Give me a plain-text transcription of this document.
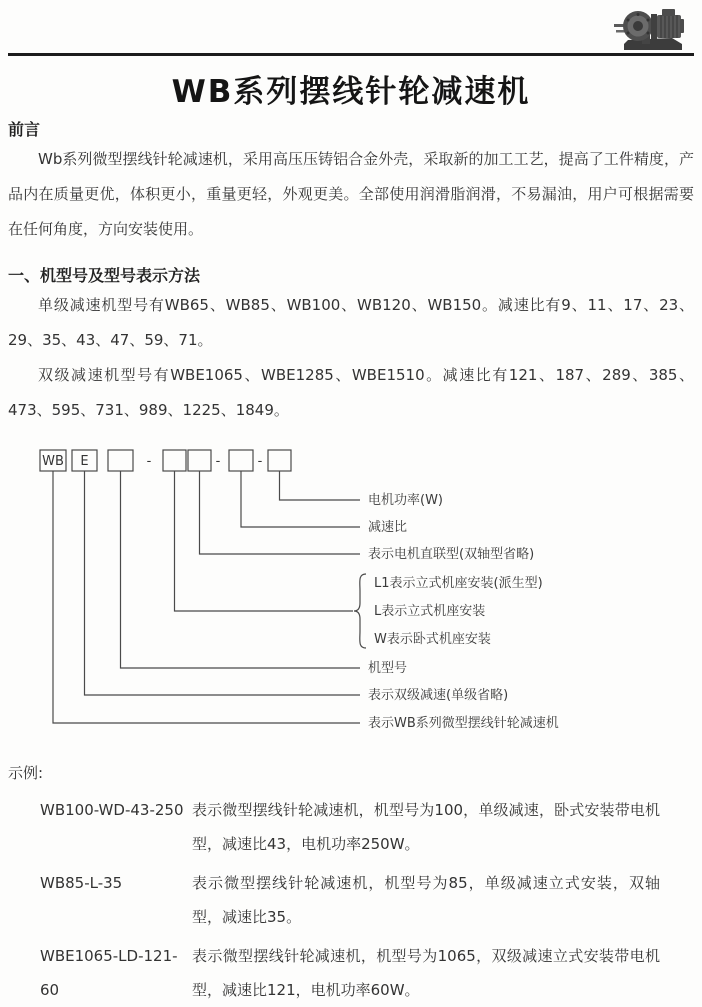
WB系列摆线针轮减速机
前言

Wb系列微型摆线针轮减速机，采用高压压铸铝合金外壳，采取新的加工工艺，提高了工件精度，产品内在质量更优，体积更小，重量更轻，外观更美。全部使用润滑脂润滑，不易漏油，用户可根据需要在任何角度，方向安装使用。

一、机型号及型号表示方法

单级减速机型号有WB65、WB85、WB100、WB120、WB150。减速比有9、11、17、23、29、35、43、47、59、71。

双级减速机型号有WBE1065、WBE1285、WBE1510。减速比有121、187、289、385、473、595、731、989、1225、1849。

WB E	-	-	-
电机功率(W)
减速比
表示电机直联型(双轴型省略)
L1表示立式机座安装(派生型)
L表示立式机座安装
W表示卧式机座安装
机型号
表示双级减速(单级省略)
表示WB系列微型摆线针轮减速机
示例:
WB100-WD-43-250 表示微型摆线针轮减速机，机型号为100，单级减速，卧式安装带电机型，减速比43，电机功率250W。
WB85-L-35	表示微型摆线针轮减速机，机型号为85，单级减速立式安装，双轴型，减速比35。
WBE1065-LD-121-60
表示微型摆线针轮减速机，机型号为1065，双级减速立式安装带电机型，减速比121，电机功率60W。
